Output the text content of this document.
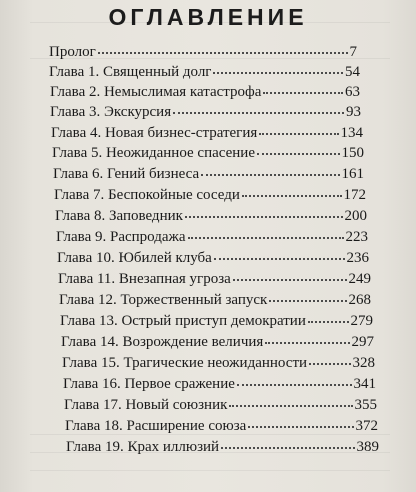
ОГЛАВЛЕНИЕ
Пролог	7
Глава 1. Священный долг	54
Глава 2. Немыслимая катастрофа	63
Глава 3. Экскурсия	93
Глава 4. Новая бизнес-стратегия	134
Глава 5. Неожиданное спасение	150
Глава 6. Гений бизнеса	161
Глава 7. Беспокойные соседи	172
Глава 8. Заповедник	200
Глава 9. Распродажа	223
Глава 10. Юбилей клуба	236
Глава 11. Внезапная угроза	249
Глава 12. Торжественный запуск	268
Глава 13. Острый приступ демократии	279
Глава 14. Возрождение величия	297
Глава 15. Трагические неожиданности	328
Глава 16. Первое сражение	341
Глава 17. Новый союзник	355
Глава 18. Расширение союза	372
Глава 19. Крах иллюзий	389
